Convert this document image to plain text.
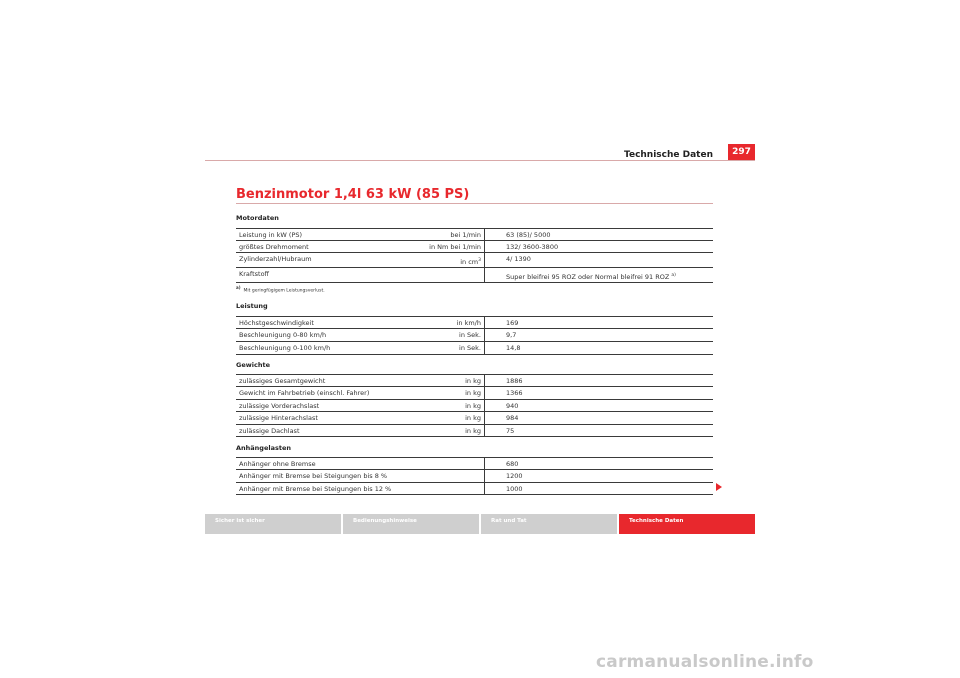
Technische Daten	297
Benzinmotor 1,4l 63 kW (85 PS)
Motordaten
Leistung in kW (PS)	bei 1/min		63 (85)/ 5000
größtes Drehmoment	in Nm bei 1/min		132/ 3600-3800
Zylinderzahl/Hubraum	in $cm^3$		4/ 1390
Kraftstoff			Super bleifrei 95 ROZ oder Normal bleifrei 91 ROZ $^{a)}$
a)Mit geringfügigem Leistungsverlust.
Leistung
Höchstgeschwindigkeit	in km/h		169
Beschleunigung 0-80 km/h	in Sek.		9,7
Beschleunigung 0-100 km/h	in Sek.		14,8
Gewichte
zulässiges Gesamtgewicht	in kg		1886
Gewicht im Fahrbetrieb (einschl. Fahrer)	in kg		1366
zulässige Vorderachslast	in kg		940
zulässige Hinterachslast	in kg		984
zulässige Dachlast	in kg		75
Anhängelasten
Anhänger ohne Bremse			680
Anhänger mit Bremse bei Steigungen bis 8 %			1200
Anhänger mit Bremse bei Steigungen bis 12 %			1000
Sicher ist sicher	Bedienungshinweise	Rat und Tat	Technische Daten
carmanualsonline.info
